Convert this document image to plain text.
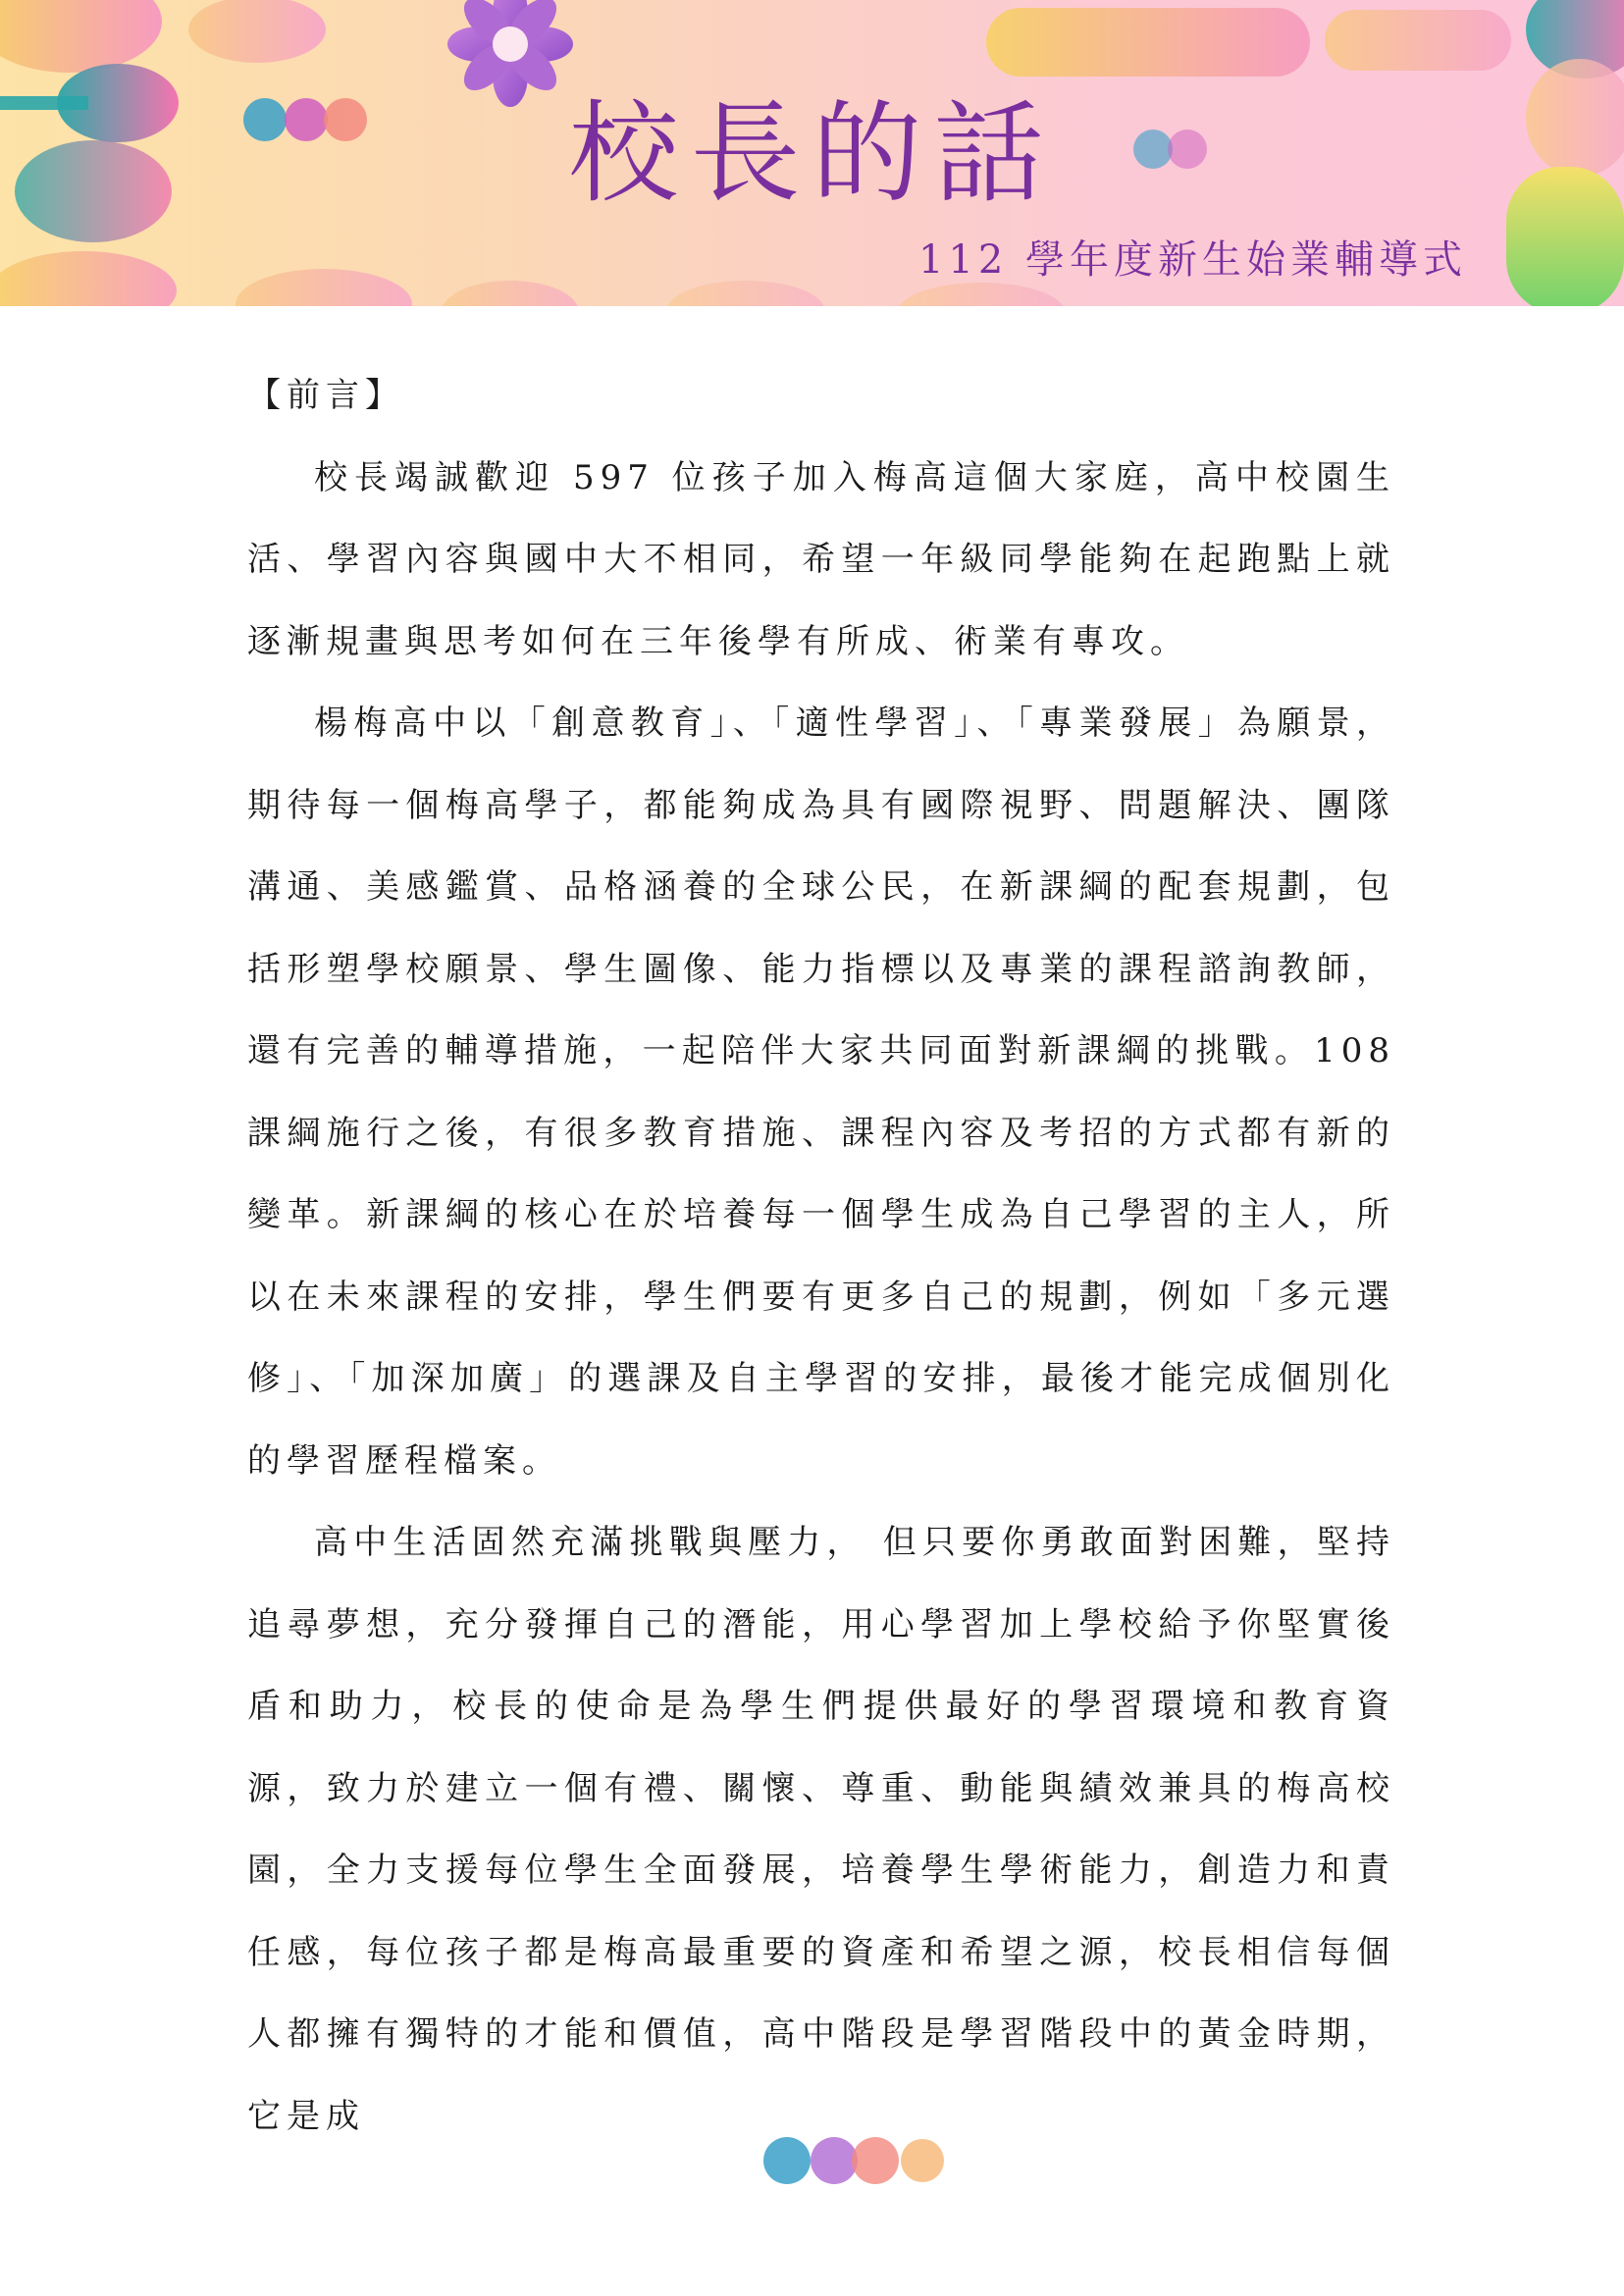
校長的話
112 學年度新生始業輔導式
【前言】

校長竭誠歡迎 597 位孩子加入梅高這個大家庭，高中校園生活、學習內容與國中大不相同，希望一年級同學能夠在起跑點上就逐漸規畫與思考如何在三年後學有所成、術業有專攻。

楊梅高中以「創意教育」、「適性學習」、「專業發展」為願景，期待每一個梅高學子，都能夠成為具有國際視野、問題解決、團隊溝通、美感鑑賞、品格涵養的全球公民，在新課綱的配套規劃，包括形塑學校願景、學生圖像、能力指標以及專業的課程諮詢教師，還有完善的輔導措施，一起陪伴大家共同面對新課綱的挑戰。108 課綱施行之後，有很多教育措施、課程內容及考招的方式都有新的變革。新課綱的核心在於培養每一個學生成為自己學習的主人，所以在未來課程的安排，學生們要有更多自己的規劃，例如「多元選修」、「加深加廣」的選課及自主學習的安排，最後才能完成個別化的學習歷程檔案。

高中生活固然充滿挑戰與壓力， 但只要你勇敢面對困難，堅持追尋夢想，充分發揮自己的潛能，用心學習加上學校給予你堅實後盾和助力，校長的使命是為學生們提供最好的學習環境和教育資源，致力於建立一個有禮、關懷、尊重、動能與績效兼具的梅高校園，全力支援每位學生全面發展，培養學生學術能力，創造力和責任感，每位孩子都是梅高最重要的資產和希望之源，校長相信每個人都擁有獨特的才能和價值，高中階段是學習階段中的黃金時期，它是成
